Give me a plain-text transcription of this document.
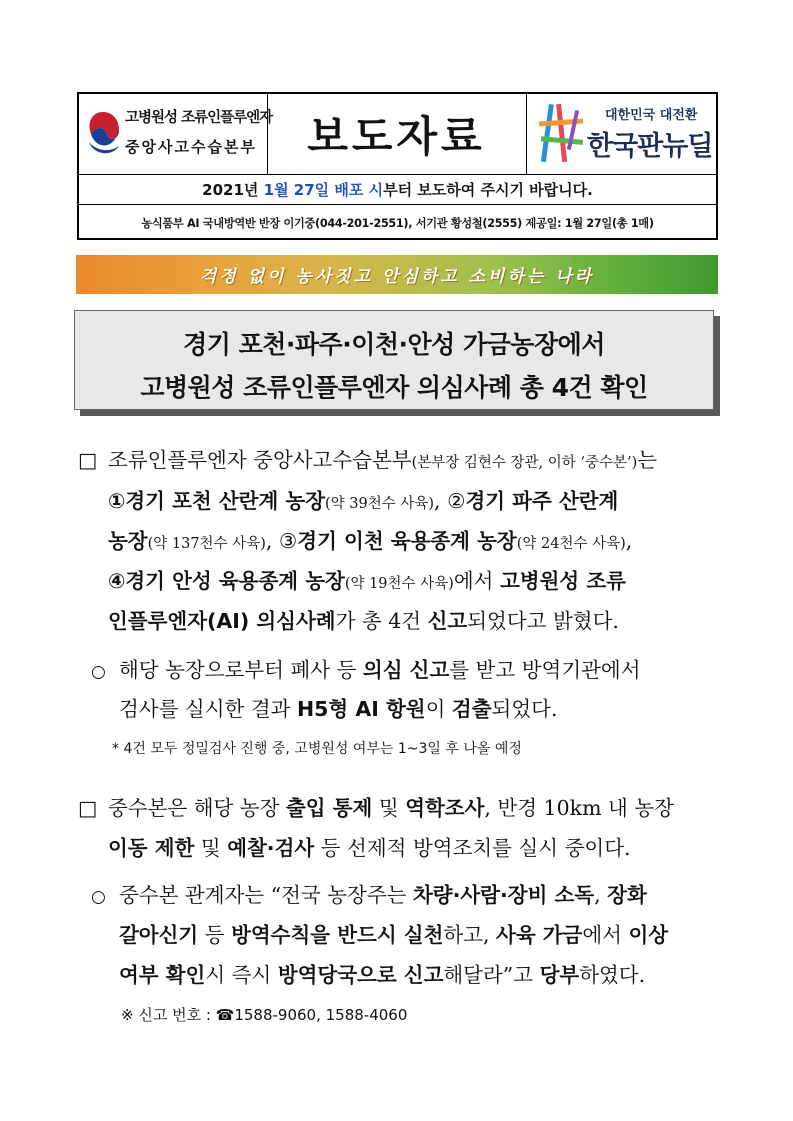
고병원성 조류인플루엔자
중앙사고수습본부	보도자료	대한민국 대전환
한국판뉴딜
2021년 1월 27일 배포 시 부터 보도하여 주시기 바랍니다.
농식품부 AI 국내방역반 반장 이기중(044-201-2551), 서기관 황성철(2555) 제공일: 1월 27일(총 1매)
걱정 없이 농사짓고 안심하고 소비하는 나라
경기 포천·파주·이천·안성 가금농장에서
고병원성 조류인플루엔자 의심사례 총 4건 확인
□ 조류인플루엔자 중앙사고수습본부(본부장 김현수 장관, 이하 ‘중수본’)는
①경기 포천 산란계 농장(약 39천수 사육), ②경기 파주 산란계
농장(약 137천수 사육), ③경기 이천 육용종계 농장(약 24천수 사육),
④경기 안성 육용종계 농장(약 19천수 사육)에서 고병원성 조류
인플루엔자(AI) 의심사례가 총 4건 신고되었다고 밝혔다.
○ 해당 농장으로부터 폐사 등 의심 신고를 받고 방역기관에서
검사를 실시한 결과 H5형 AI 항원이 검출되었다.
* 4건 모두 정밀검사 진행 중, 고병원성 여부는 1~3일 후 나올 예정
□ 중수본은 해당 농장 출입 통제 및 역학조사, 반경 10km 내 농장
이동 제한 및 예찰·검사 등 선제적 방역조치를 실시 중이다.
○ 중수본 관계자는 “전국 농장주는 차량·사람·장비 소독, 장화
갈아신기 등 방역수칙을 반드시 실천하고, 사육 가금에서 이상
여부 확인시 즉시 방역당국으로 신고해달라”고 당부하였다.
※ 신고 번호 : ☎1588-9060, 1588-4060
